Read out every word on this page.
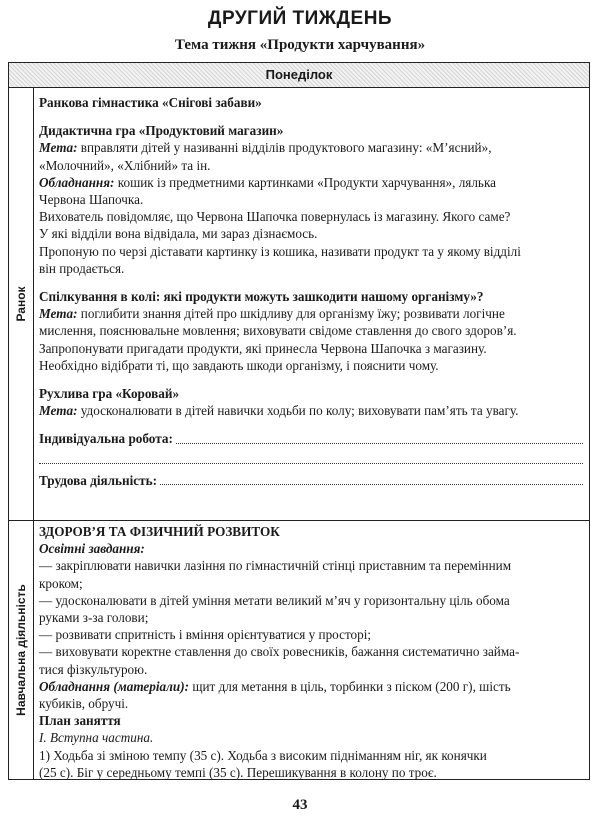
ДРУГИЙ ТИЖДЕНЬ
Тема тижня «Продукти харчування»
Понеділок
Ранок

Ранкова гімнастика «Снігові забави»

Дидактична гра «Продуктовий магазин»

Мета: вправляти дітей у називанні відділів продуктового магазину: «М’ясний»,

«Молочний», «Хлібний» та ін.

Обладнання: кошик із предметними картинками «Продукти харчування», лялька

Червона Шапочка.

Вихователь повідомляє, що Червона Шапочка повернулась із магазину. Якого саме?

У які відділи вона відвідала, ми зараз дізнаємось.

Пропоную по черзі діставати картинку із кошика, називати продукт та у якому відділі

він продається.

Спілкування в колі: які продукти можуть зашкодити нашому організму»?

Мета: поглибити знання дітей про шкідливу для організму їжу; розвивати логічне

мислення, пояснювальне мовлення; виховувати свідоме ставлення до свого здоров’я.

Запропонувати пригадати продукти, які принесла Червона Шапочка з магазину.

Необхідно відібрати ті, що завдають шкоди організму, і пояснити чому.

Рухлива гра «Коровай»

Мета: удосконалювати в дітей навички ходьби по колу; виховувати пам’ять та увагу.

Індивідуальна робота:
Трудова діяльність:
Навчальна діяльність

ЗДОРОВ’Я ТА ФІЗИЧНИЙ РОЗВИТОК

Освітні завдання:

— закріплювати навички лазіння по гімнастичній стінці приставним та перемінним

кроком;

— удосконалювати в дітей уміння метати великий м’яч у горизонтальну ціль обома

руками з-за голови;

— розвивати спритність і вміння орієнтуватися у просторі;

— виховувати коректне ставлення до своїх ровесників, бажання систематично займа-

тися фізкультурою.

Обладнання (матеріали): щит для метання в ціль, торбинки з піском (200 г), шість

кубиків, обручі.

План заняття

I. Вступна частина.

1) Ходьба зі зміною темпу (35 с). Ходьба з високим підніманням ніг, як конячки

(25 с). Біг у середньому темпі (35 с). Перешикування в колону по троє.

43
